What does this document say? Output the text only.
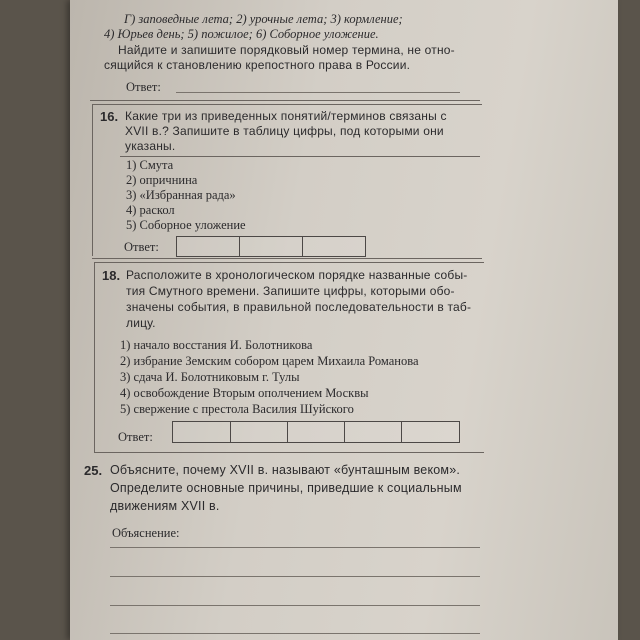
Г) заповедные лета; 2) урочные лета; 3) кормление;
4) Юрьев день; 5) пожилое; 6) Соборное уложение.
Найдите и запишите порядковый номер термина, не отно-
сящийся к становлению крепостного права в России.
Ответ:
16. Какие три из приведенных понятий/терминов связаны с
XVII в.? Запишите в таблицу цифры, под которыми они
указаны.
1) Смута
2) опричнина
3) «Избранная рада»
4) раскол
5) Соборное уложение
Ответ:
18. Расположите в хронологическом порядке названные собы-
тия Смутного времени. Запишите цифры, которыми обо-
значены события, в правильной последовательности в таб-
лицу.
1) начало восстания И. Болотникова
2) избрание Земским собором царем Михаила Романова
3) сдача И. Болотниковым г. Тулы
4) освобождение Вторым ополчением Москвы
5) свержение с престола Василия Шуйского
Ответ:
25. Объясните, почему XVII в. называют «бунташным веком».
Определите основные причины, приведшие к социальным
движениям XVII в.
Объяснение:
